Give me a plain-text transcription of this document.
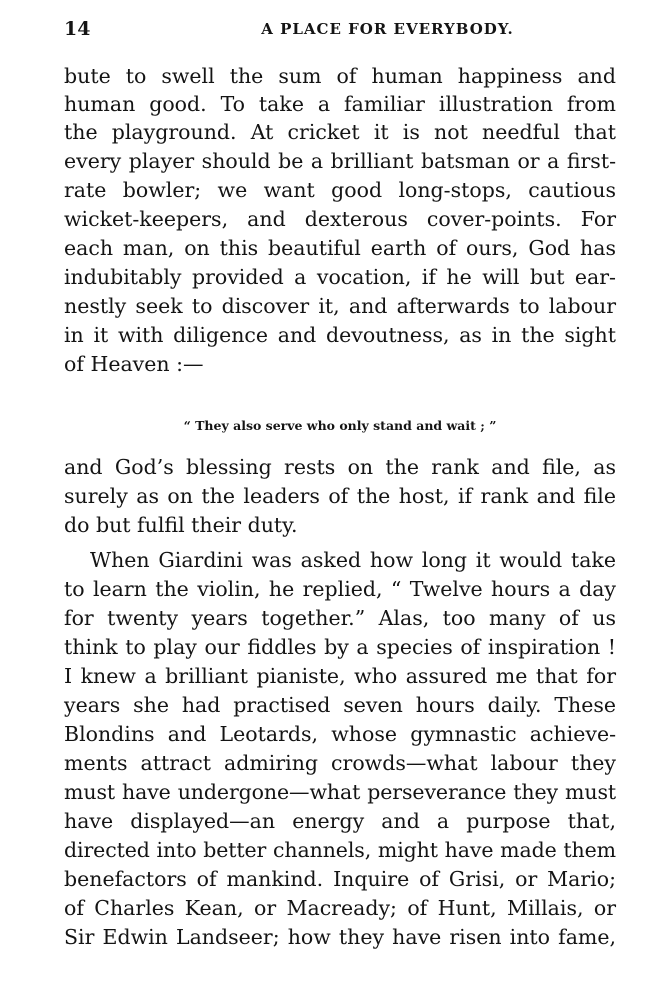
14	A PLACE FOR EVERYBODY.
bute to swell the sum of human happiness and
human good. To take a familiar illustration from
the playground. At cricket it is not needful that
every player should be a brilliant batsman or a first-
rate bowler; we want good long-stops, cautious
wicket-keepers, and dexterous cover-points. For
each man, on this beautiful earth of ours, God has
indubitably provided a vocation, if he will but ear-
nestly seek to discover it, and afterwards to labour
in it with diligence and devoutness, as in the sight
of Heaven :—
“ They also serve who only stand and wait ; ”
and God’s blessing rests on the rank and file, as
surely as on the leaders of the host, if rank and file
do but fulfil their duty.
When Giardini was asked how long it would take
to learn the violin, he replied, “ Twelve hours a day
for twenty years together.” Alas, too many of us
think to play our fiddles by a species of inspiration !
I knew a brilliant pianiste, who assured me that for
years she had practised seven hours daily. These
Blondins and Leotards, whose gymnastic achieve-
ments attract admiring crowds—what labour they
must have undergone—what perseverance they must
have displayed—an energy and a purpose that,
directed into better channels, might have made them
benefactors of mankind. Inquire of Grisi, or Mario;
of Charles Kean, or Macready; of Hunt, Millais, or
Sir Edwin Landseer; how they have risen into fame,
